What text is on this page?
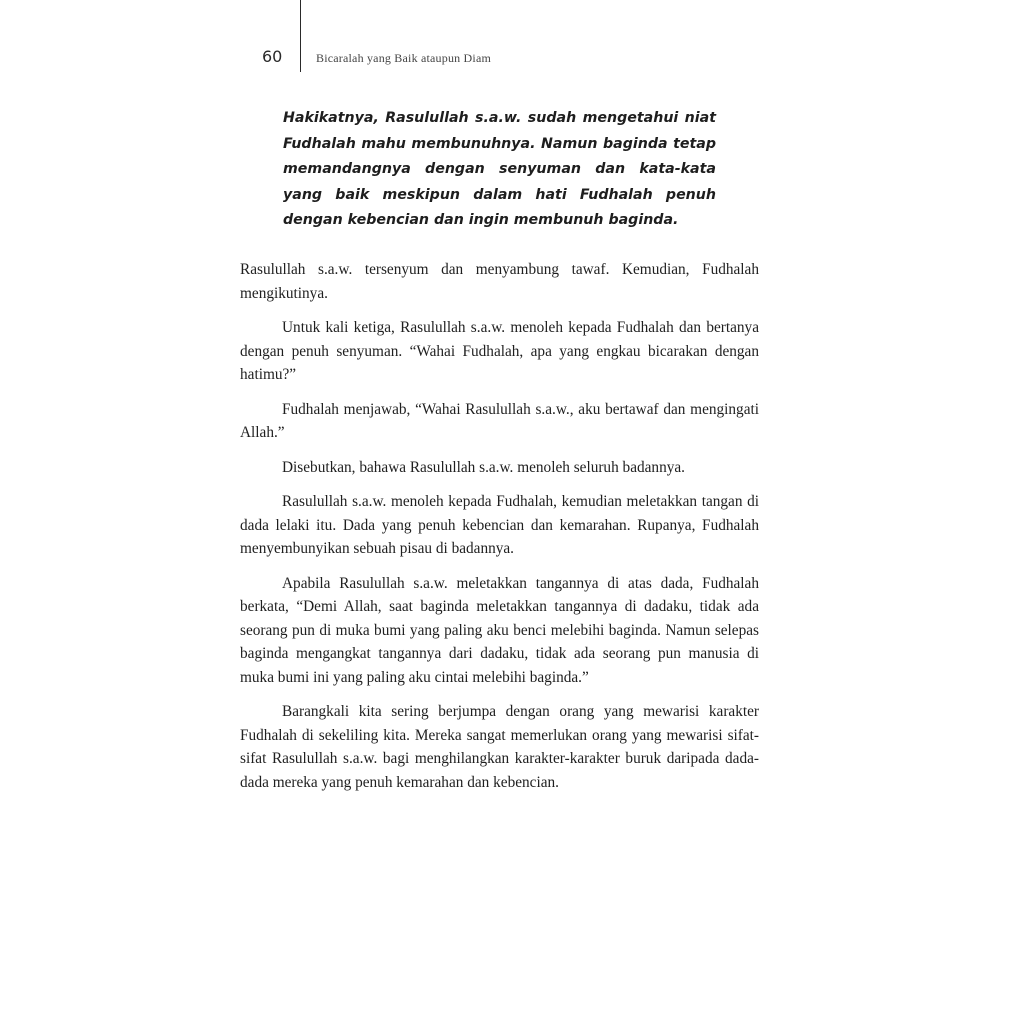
60	Bicaralah yang Baik ataupun Diam

Hakikatnya, Rasulullah s.a.w. sudah mengetahui niat Fudhalah mahu membunuhnya. Namun baginda tetap memandangnya dengan senyuman dan kata-kata yang baik meskipun dalam hati Fudhalah penuh dengan kebencian dan ingin membunuh baginda.

Rasulullah s.a.w. tersenyum dan menyambung tawaf. Kemudian, Fudhalah mengikutinya.

Untuk kali ketiga, Rasulullah s.a.w. menoleh kepada Fudhalah dan bertanya dengan penuh senyuman. “Wahai Fudhalah, apa yang engkau bicarakan dengan hatimu?”

Fudhalah menjawab, “Wahai Rasulullah s.a.w., aku bertawaf dan mengingati Allah.”

Disebutkan, bahawa Rasulullah s.a.w. menoleh seluruh badannya.

Rasulullah s.a.w. menoleh kepada Fudhalah, kemudian meletakkan tangan di dada lelaki itu. Dada yang penuh kebencian dan kemarahan. Rupanya, Fudhalah menyembunyikan sebuah pisau di badannya.

Apabila Rasulullah s.a.w. meletakkan tangannya di atas dada, Fudhalah berkata, “Demi Allah, saat baginda meletakkan tangannya di dadaku, tidak ada seorang pun di muka bumi yang paling aku benci melebihi baginda. Namun selepas baginda mengangkat tangannya dari dadaku, tidak ada seorang pun manusia di muka bumi ini yang paling aku cintai melebihi baginda.”

Barangkali kita sering berjumpa dengan orang yang mewarisi karakter Fudhalah di sekeliling kita. Mereka sangat memerlukan orang yang mewarisi sifat-sifat Rasulullah s.a.w. bagi menghilangkan karakter-karakter buruk daripada dada-dada mereka yang penuh kemarahan dan kebencian.
